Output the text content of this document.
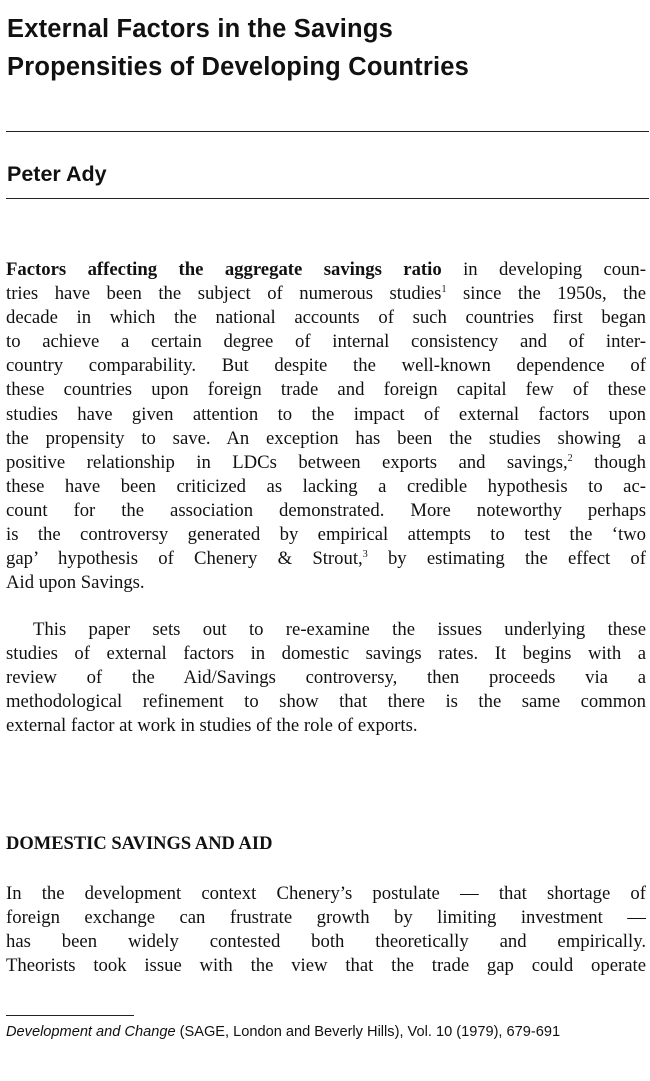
External Factors in the Savings
Propensities of Developing Countries
Peter Ady
Factors affecting the aggregate savings ratio in developing coun-
tries have been the subject of numerous studies$^1$ since the 1950s, the
decade in which the national accounts of such countries first began
to achieve a certain degree of internal consistency and of inter-
country comparability. But despite the well-known dependence of
these countries upon foreign trade and foreign capital few of these
studies have given attention to the impact of external factors upon
the propensity to save. An exception has been the studies showing a
positive relationship in LDCs between exports and savings,$^2$ though
these have been criticized as lacking a credible hypothesis to ac-
count for the association demonstrated. More noteworthy perhaps
is the controversy generated by empirical attempts to test the ‘two
gap’ hypothesis of Chenery & Strout,$^3$ by estimating the effect of
Aid upon Savings.
This paper sets out to re-examine the issues underlying these
studies of external factors in domestic savings rates. It begins with a
review of the Aid/Savings controversy, then proceeds via a
methodological refinement to show that there is the same common
external factor at work in studies of the role of exports.
DOMESTIC SAVINGS AND AID
In the development context Chenery’s postulate — that shortage of
foreign exchange can frustrate growth by limiting investment —
has been widely contested both theoretically and empirically.
Theorists took issue with the view that the trade gap could operate

Development and Change (SAGE, London and Beverly Hills), Vol. 10 (1979), 679-691
